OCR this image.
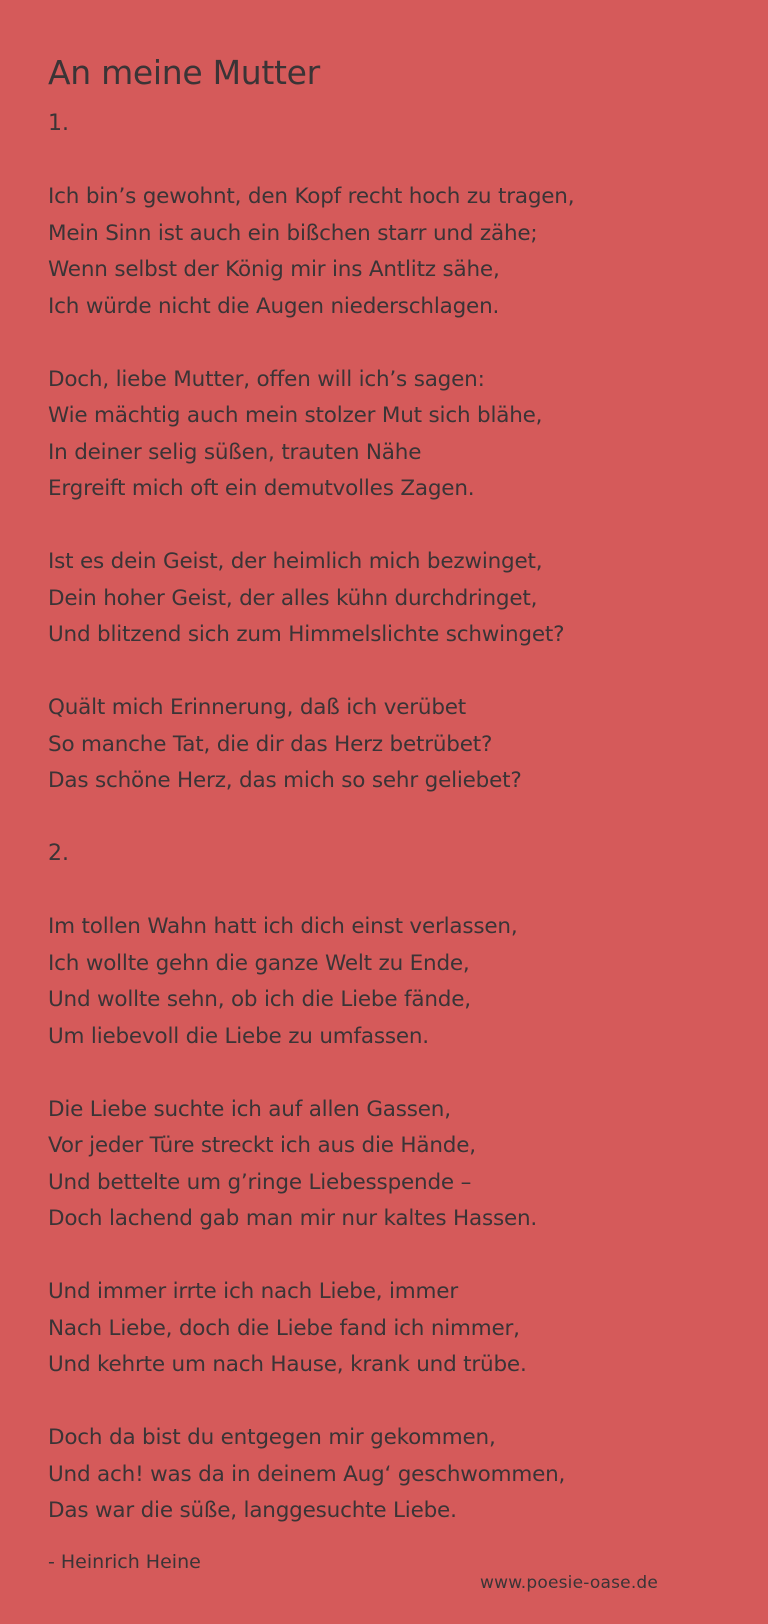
An meine Mutter
1.
Ich bin’s gewohnt, den Kopf recht hoch zu tragen,
Mein Sinn ist auch ein bißchen starr und zähe;
Wenn selbst der König mir ins Antlitz sähe,
Ich würde nicht die Augen niederschlagen.
Doch, liebe Mutter, offen will ich’s sagen:
Wie mächtig auch mein stolzer Mut sich blähe,
In deiner selig süßen, trauten Nähe
Ergreift mich oft ein demutvolles Zagen.
Ist es dein Geist, der heimlich mich bezwinget,
Dein hoher Geist, der alles kühn durchdringet,
Und blitzend sich zum Himmelslichte schwinget?
Quält mich Erinnerung, daß ich verübet
So manche Tat, die dir das Herz betrübet?
Das schöne Herz, das mich so sehr geliebet?
2.
Im tollen Wahn hatt ich dich einst verlassen,
Ich wollte gehn die ganze Welt zu Ende,
Und wollte sehn, ob ich die Liebe fände,
Um liebevoll die Liebe zu umfassen.
Die Liebe suchte ich auf allen Gassen,
Vor jeder Türe streckt ich aus die Hände,
Und bettelte um g’ringe Liebesspende –
Doch lachend gab man mir nur kaltes Hassen.
Und immer irrte ich nach Liebe, immer
Nach Liebe, doch die Liebe fand ich nimmer,
Und kehrte um nach Hause, krank und trübe.
Doch da bist du entgegen mir gekommen,
Und ach! was da in deinem Aug‘ geschwommen,
Das war die süße, langgesuchte Liebe.
- Heinrich Heine
www.poesie-oase.de
